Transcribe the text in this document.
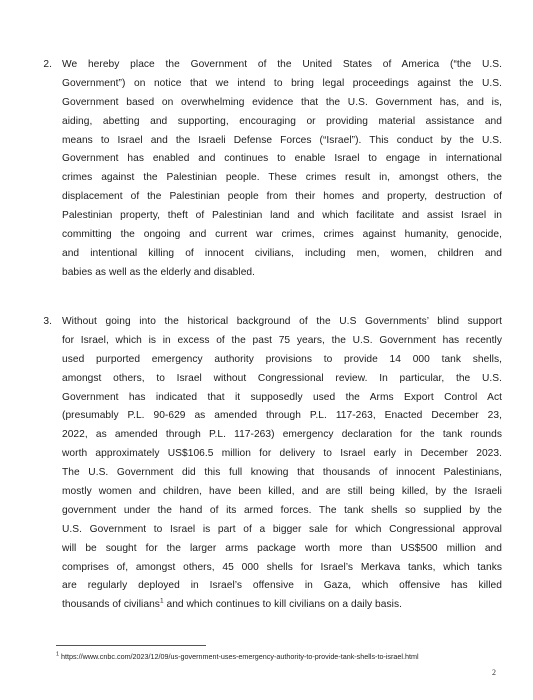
2. We hereby place the Government of the United States of America (“the U.S.
Government”) on notice that we intend to bring legal proceedings against the U.S.
Government based on overwhelming evidence that the U.S. Government has, and is,
aiding, abetting and supporting, encouraging or providing material assistance and
means to Israel and the Israeli Defense Forces (“Israel”). This conduct by the U.S.
Government has enabled and continues to enable Israel to engage in international
crimes against the Palestinian people. These crimes result in, amongst others, the
displacement of the Palestinian people from their homes and property, destruction of
Palestinian property, theft of Palestinian land and which facilitate and assist Israel in
committing the ongoing and current war crimes, crimes against humanity, genocide,
and intentional killing of innocent civilians, including men, women, children and
babies as well as the elderly and disabled.
3. Without going into the historical background of the U.S Governments’ blind support
for Israel, which is in excess of the past 75 years, the U.S. Government has recently
used purported emergency authority provisions to provide 14 000 tank shells,
amongst others, to Israel without Congressional review. In particular, the U.S.
Government has indicated that it supposedly used the Arms Export Control Act
(presumably P.L. 90-629 as amended through P.L. 117-263, Enacted December 23,
2022, as amended through P.L. 117-263) emergency declaration for the tank rounds
worth approximately US$106.5 million for delivery to Israel early in December 2023.
The U.S. Government did this full knowing that thousands of innocent Palestinians,
mostly women and children, have been killed, and are still being killed, by the Israeli
government under the hand of its armed forces. The tank shells so supplied by the
U.S. Government to Israel is part of a bigger sale for which Congressional approval
will be sought for the larger arms package worth more than US$500 million and
comprises of, amongst others, 45 000 shells for Israel’s Merkava tanks, which tanks
are regularly deployed in Israel’s offensive in Gaza, which offensive has killed
thousands of civilians$^1$ and which continues to kill civilians on a daily basis.
$^1$ https://www.cnbc.com/2023/12/09/us-government-uses-emergency-authority-to-provide-tank-shells-to-israel.html
2
